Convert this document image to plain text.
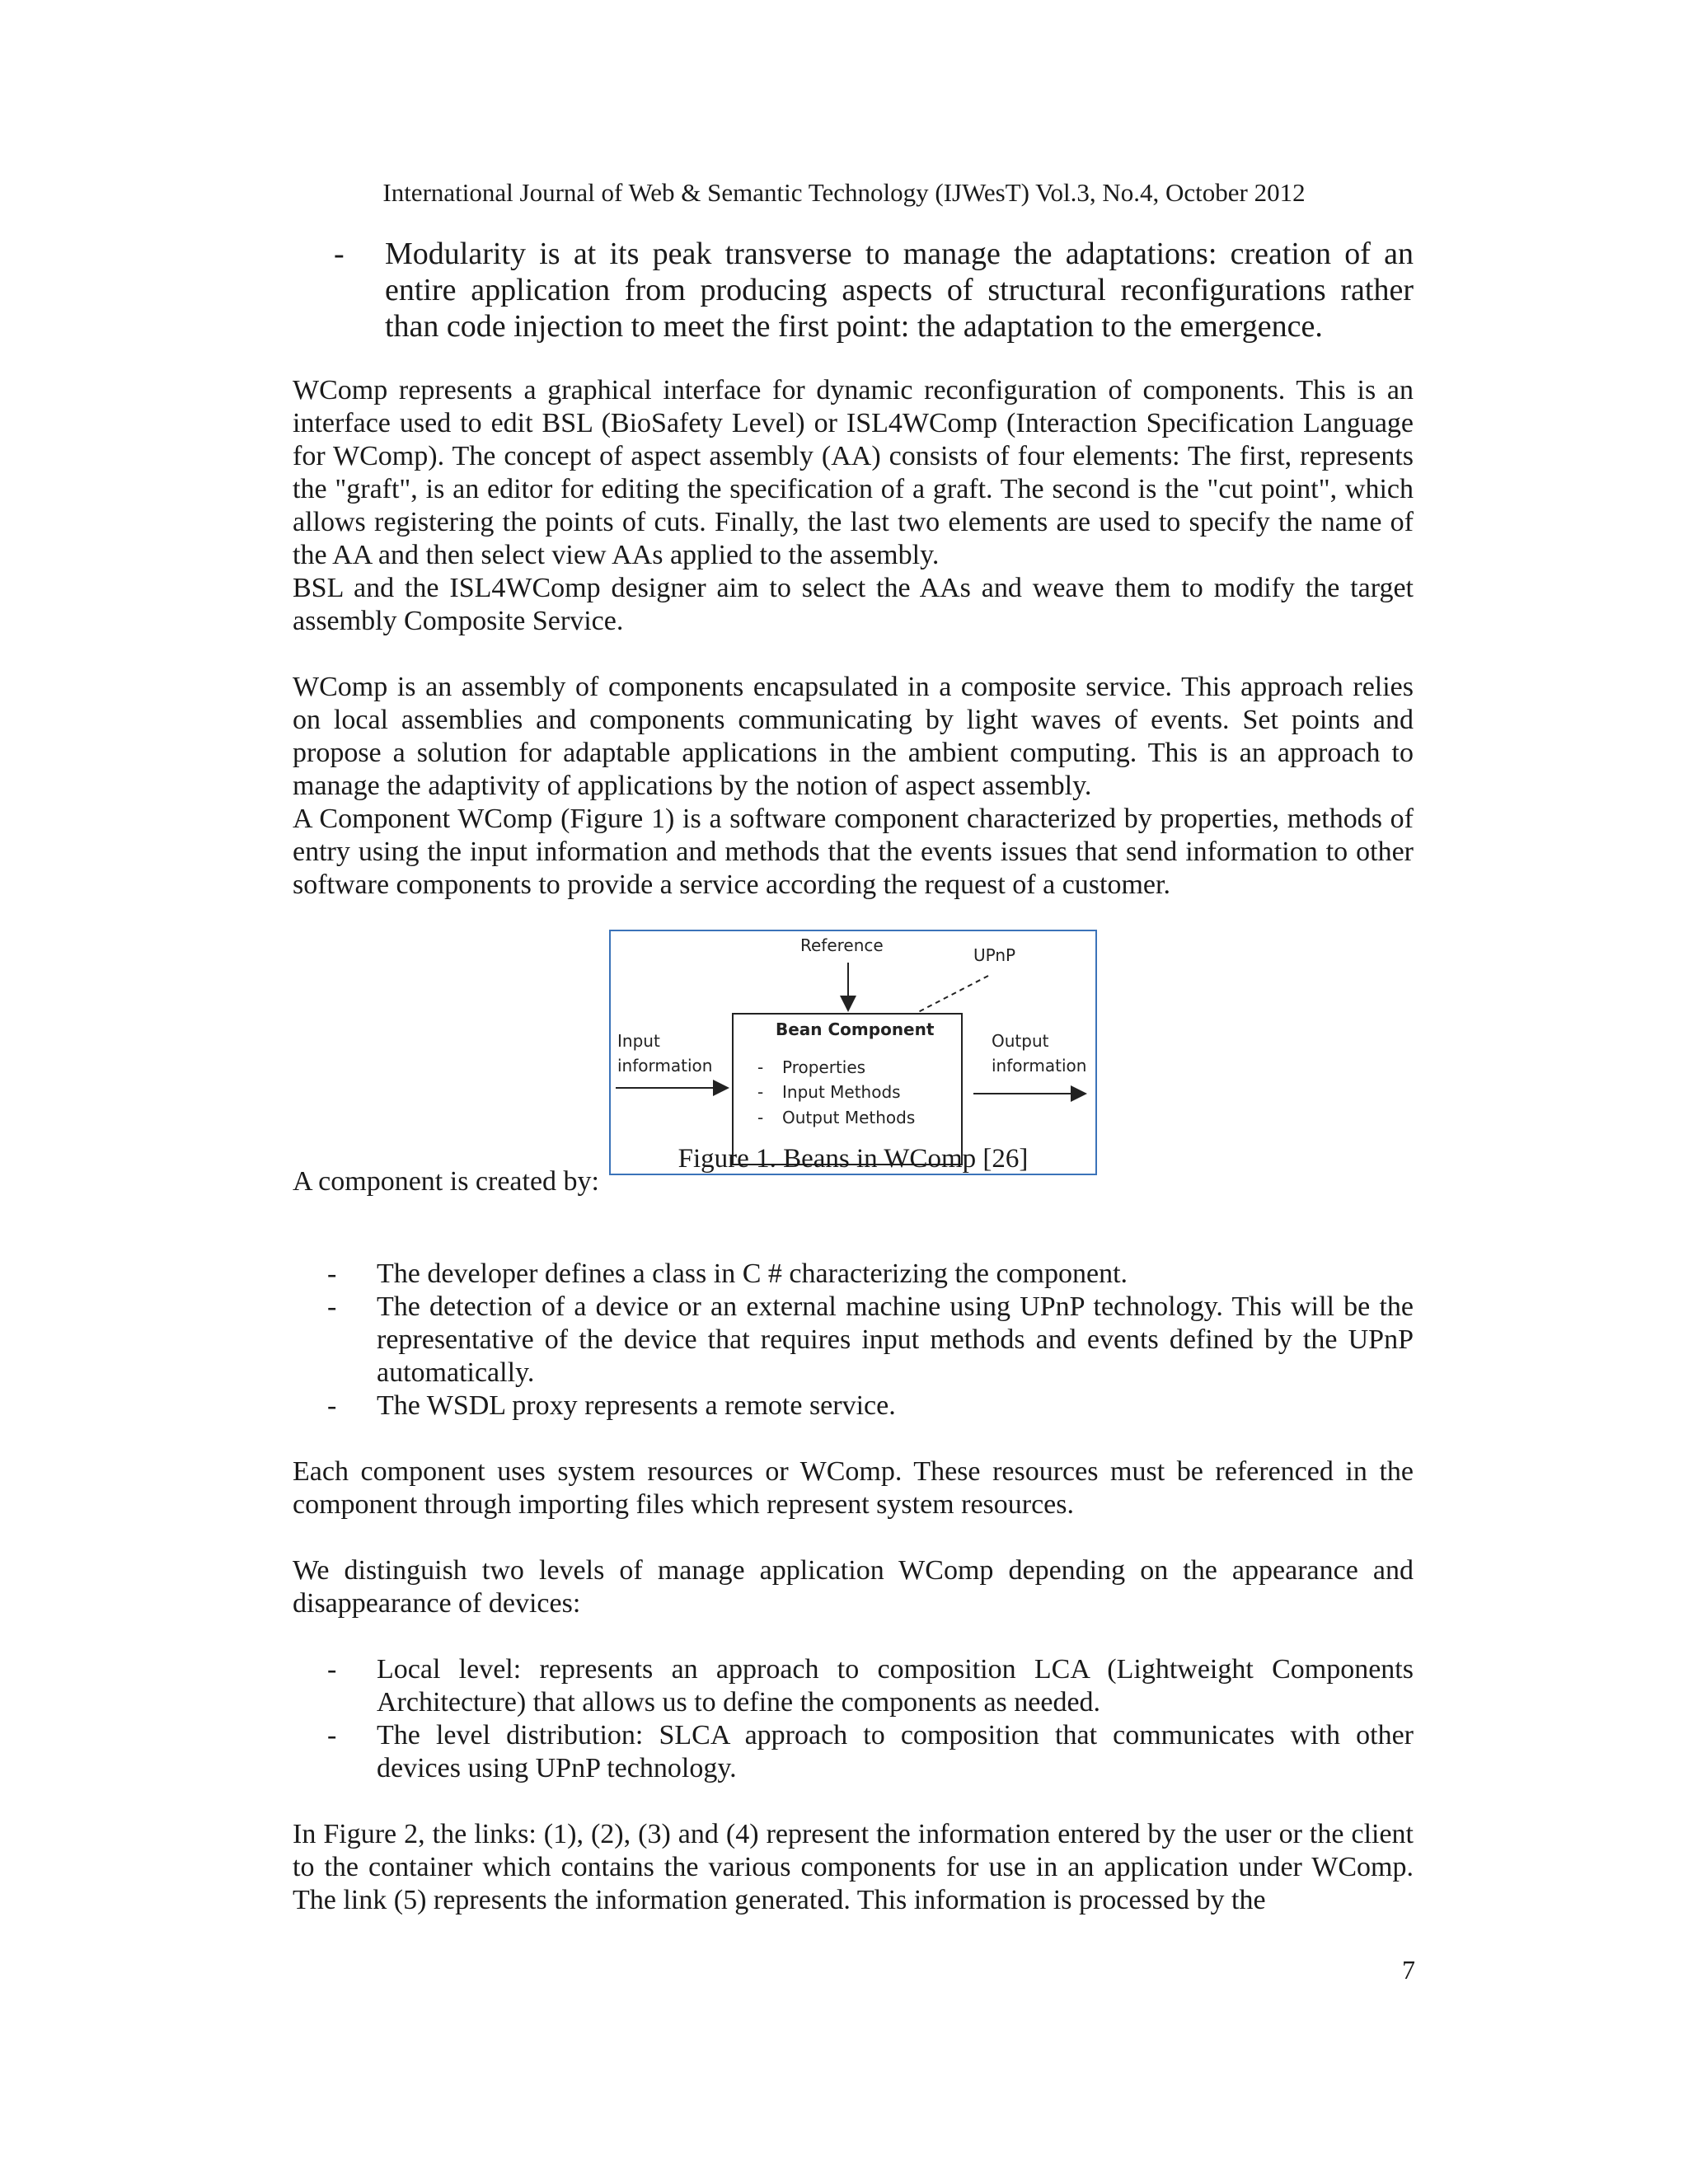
International Journal of Web & Semantic Technology (IJWesT) Vol.3, No.4, October 2012
- Modularity is at its peak transverse to manage the adaptations: creation of an entire application from producing aspects of structural reconfigurations rather than code injection to meet the first point: the adaptation to the emergence.

WComp represents a graphical interface for dynamic reconfiguration of components. This is an interface used to edit BSL (BioSafety Level) or ISL4WComp (Interaction Specification Language for WComp). The concept of aspect assembly (AA) consists of four elements: The first, represents the "graft", is an editor for editing the specification of a graft. The second is the "cut point", which allows registering the points of cuts. Finally, the last two elements are used to specify the name of the AA and then select view AAs applied to the assembly.

BSL and the ISL4WComp designer aim to select the AAs and weave them to modify the target assembly Composite Service.

WComp is an assembly of components encapsulated in a composite service. This approach relies on local assemblies and components communicating by light waves of events. Set points and propose a solution for adaptable applications in the ambient computing. This is an approach to manage the adaptivity of applications by the notion of aspect assembly.

A Component WComp (Figure 1) is a software component characterized by properties, methods of entry using the input information and methods that the events issues that send information to other software components to provide a service according the request of a customer.

Reference	UPnP
Bean Component
Properties
Input Methods
Output Methods
-
-
-
Input
information
Output
information
Figure 1. Beans in WComp [26]
A component is created by:
- The developer defines a class in C # characterizing the component.
- The detection of a device or an external machine using UPnP technology. This will be the representative of the device that requires input methods and events defined by the UPnP automatically.
- The WSDL proxy represents a remote service.

Each component uses system resources or WComp. These resources must be referenced in the component through importing files which represent system resources.

We distinguish two levels of manage application WComp depending on the appearance and disappearance of devices:

- Local level: represents an approach to composition LCA (Lightweight Components Architecture) that allows us to define the components as needed.
- The level distribution: SLCA approach to composition that communicates with other devices using UPnP technology.

In Figure 2, the links: (1), (2), (3) and (4) represent the information entered by the user or the client to the container which contains the various components for use in an application under WComp. The link (5) represents the information generated. This information is processed by the

7
